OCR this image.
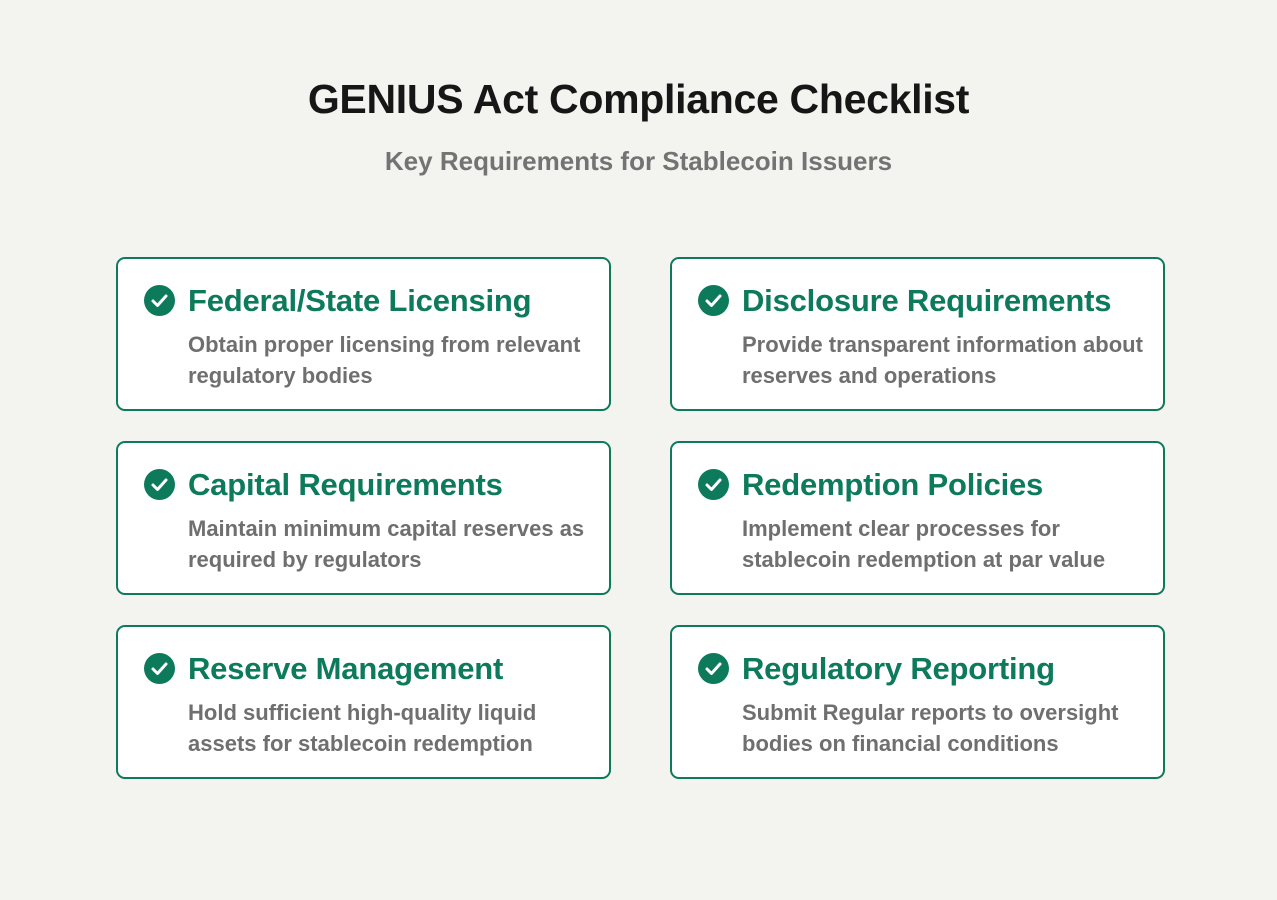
GENIUS Act Compliance Checklist
Key Requirements for Stablecoin Issuers
Federal/State Licensing
Obtain proper licensing from relevant regulatory bodies
Disclosure Requirements
Provide transparent information about reserves and operations
Capital Requirements
Maintain minimum capital reserves as required by regulators
Redemption Policies
Implement clear processes for stablecoin redemption at par value
Reserve Management
Hold sufficient high-quality liquid assets for stablecoin redemption
Regulatory Reporting
Submit Regular reports to oversight bodies on financial conditions
